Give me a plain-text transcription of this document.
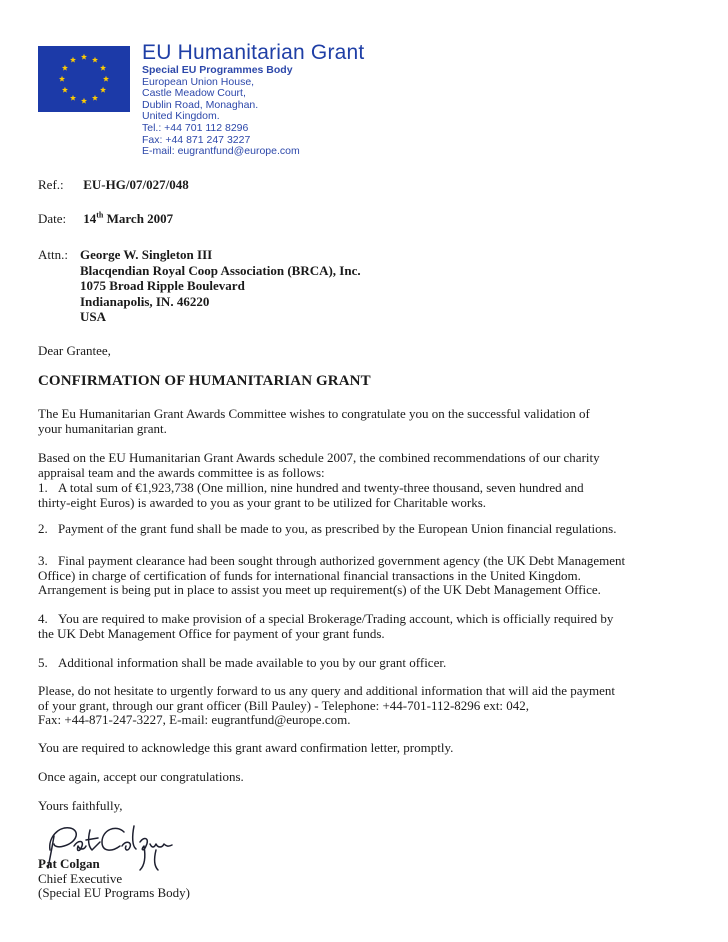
EU Humanitarian Grant
Special EU Programmes Body
European Union House,
Castle Meadow Court,
Dublin Road, Monaghan.
United Kingdom.
Tel.: +44 701 112 8296
Fax: +44 871 247 3227
E-mail: eugrantfund@europe.com
Ref.: EU-HG/07/027/048
Date: 14th March 2007
Attn.: George W. Singleton III
Blacqendian Royal Coop Association (BRCA), Inc.
1075 Broad Ripple Boulevard
Indianapolis, IN. 46220
USA
Dear Grantee,
CONFIRMATION OF HUMANITARIAN GRANT
The Eu Humanitarian Grant Awards Committee wishes to congratulate you on the successful validation of
your humanitarian grant.
Based on the EU Humanitarian Grant Awards schedule 2007, the combined recommendations of our charity
appraisal team and the awards committee is as follows:
1. A total sum of €1,923,738 (One million, nine hundred and twenty-three thousand, seven hundred and
thirty-eight Euros) is awarded to you as your grant to be utilized for Charitable works.
2. Payment of the grant fund shall be made to you, as prescribed by the European Union financial regulations.
3. Final payment clearance had been sought through authorized government agency (the UK Debt Management
Office) in charge of certification of funds for international financial transactions in the United Kingdom.
Arrangement is being put in place to assist you meet up requirement(s) of the UK Debt Management Office.
4. You are required to make provision of a special Brokerage/Trading account, which is officially required by
the UK Debt Management Office for payment of your grant funds.
5. Additional information shall be made available to you by our grant officer.
Please, do not hesitate to urgently forward to us any query and additional information that will aid the payment
of your grant, through our grant officer (Bill Pauley) - Telephone: +44-701-112-8296 ext: 042,
Fax: +44-871-247-3227, E-mail: eugrantfund@europe.com.
You are required to acknowledge this grant award confirmation letter, promptly.
Once again, accept our congratulations.
Yours faithfully,
Pat Colgan
Chief Executive
(Special EU Programs Body)
